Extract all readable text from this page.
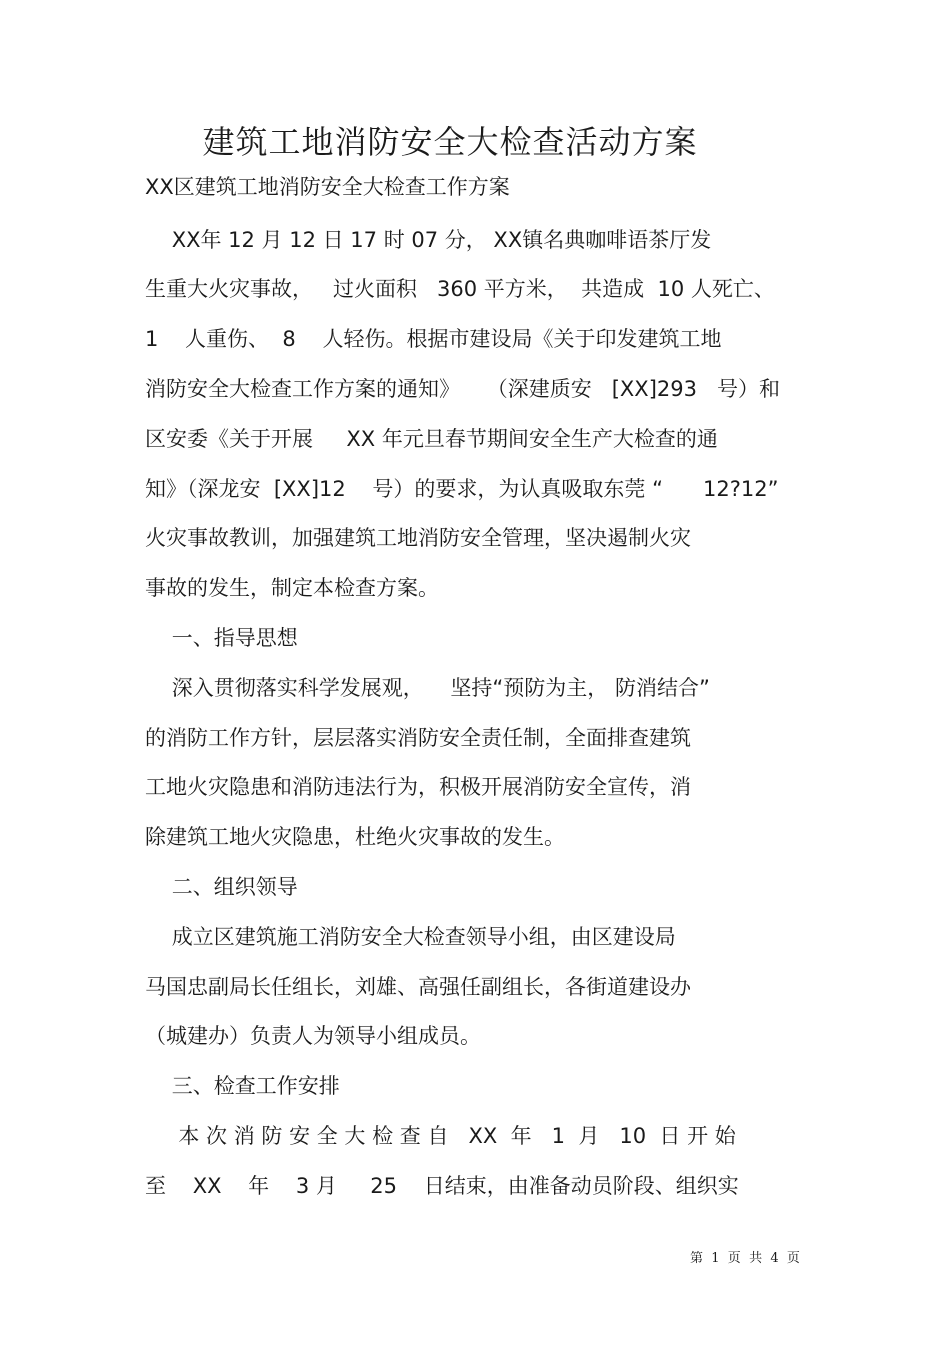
建筑工地消防安全大检查活动方案
XX区建筑工地消防安全大检查工作方案
XX年 12 月 12 日 17 时 07 分， XX镇名典咖啡语茶厅发
生重大火灾事故，   过火面积   360 平方米，  共造成  10 人死亡、
1    人重伤、  8    人轻伤。根据市建设局《关于印发建筑工地
消防安全大检查工作方案的通知》    （深建质安   [XX]293   号）和
区安委《关于开展     XX 年元旦春节期间安全生产大检查的通
知》（深龙安  [XX]12    号）的要求，为认真吸取东莞 “      12?12”
火灾事故教训，加强建筑工地消防安全管理，坚决遏制火灾
事故的发生，制定本检查方案。
一、指导思想
深入贯彻落实科学发展观，    坚持“预防为主， 防消结合”
的消防工作方针，层层落实消防安全责任制，全面排查建筑
工地火灾隐患和消防违法行为，积极开展消防安全宣传，消
除建筑工地火灾隐患，杜绝火灾事故的发生。
二、组织领导
成立区建筑施工消防安全大检查领导小组，由区建设局
马国忠副局长任组长，刘雄、高强任副组长，各街道建设办
（城建办）负责人为领导小组成员。
三、检查工作安排
本 次 消 防 安 全 大 检 查 自   XX  年   1  月   10  日 开 始
至    XX    年    3 月     25    日结束，由准备动员阶段、组织实
第  1  页  共  4  页
